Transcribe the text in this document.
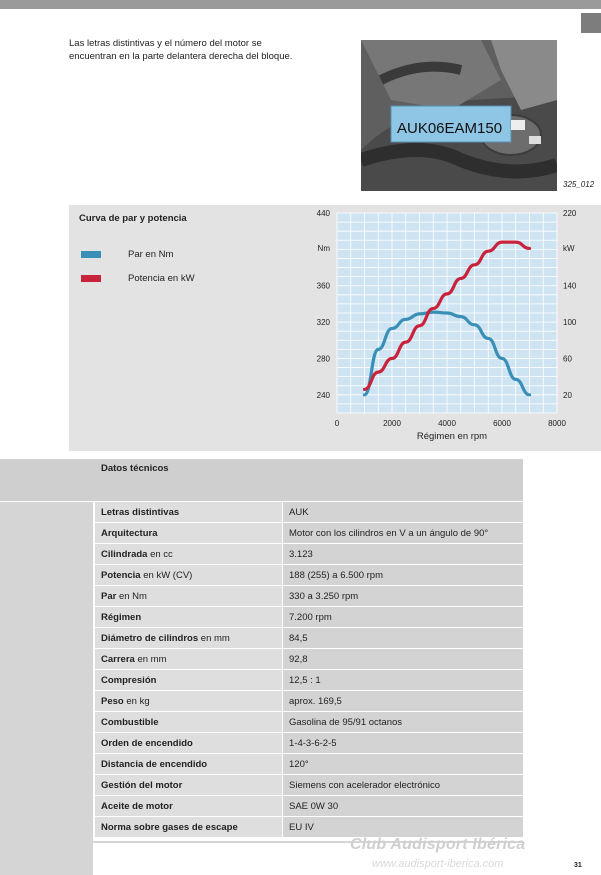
Las letras distintivas y el número del motor se encuentran en la parte delantera derecha del bloque.
AUK06EAM150
325_012
Curva de par y potencia
Par en Nm
Potencia en kW
0	2000	4000	6000	8000
240
280
320
360
440
20
60
100
140
220
Nm	kW
Régimen en rpm
Datos técnicos
Letras distintivas	AUK
Arquitectura	Motor con los cilindros en V a un ángulo de 90°
Cilindrada en cc	3.123
Potencia en kW (CV)	188 (255) a 6.500 rpm
Par en Nm	330 a 3.250 rpm
Régimen	7.200 rpm
Diámetro de cilindros en mm	84,5
Carrera en mm	92,8
Compresión	12,5 : 1
Peso en kg	aprox. 169,5
Combustible	Gasolina de 95/91 octanos
Orden de encendido	1-4-3-6-2-5
Distancia de encendido	120°
Gestión del motor	Siemens con acelerador electrónico
Aceite de motor	SAE 0W 30
Norma sobre gases de escape	EU IV
Club Audisport Ibérica
www.audisport-iberica.com	31
